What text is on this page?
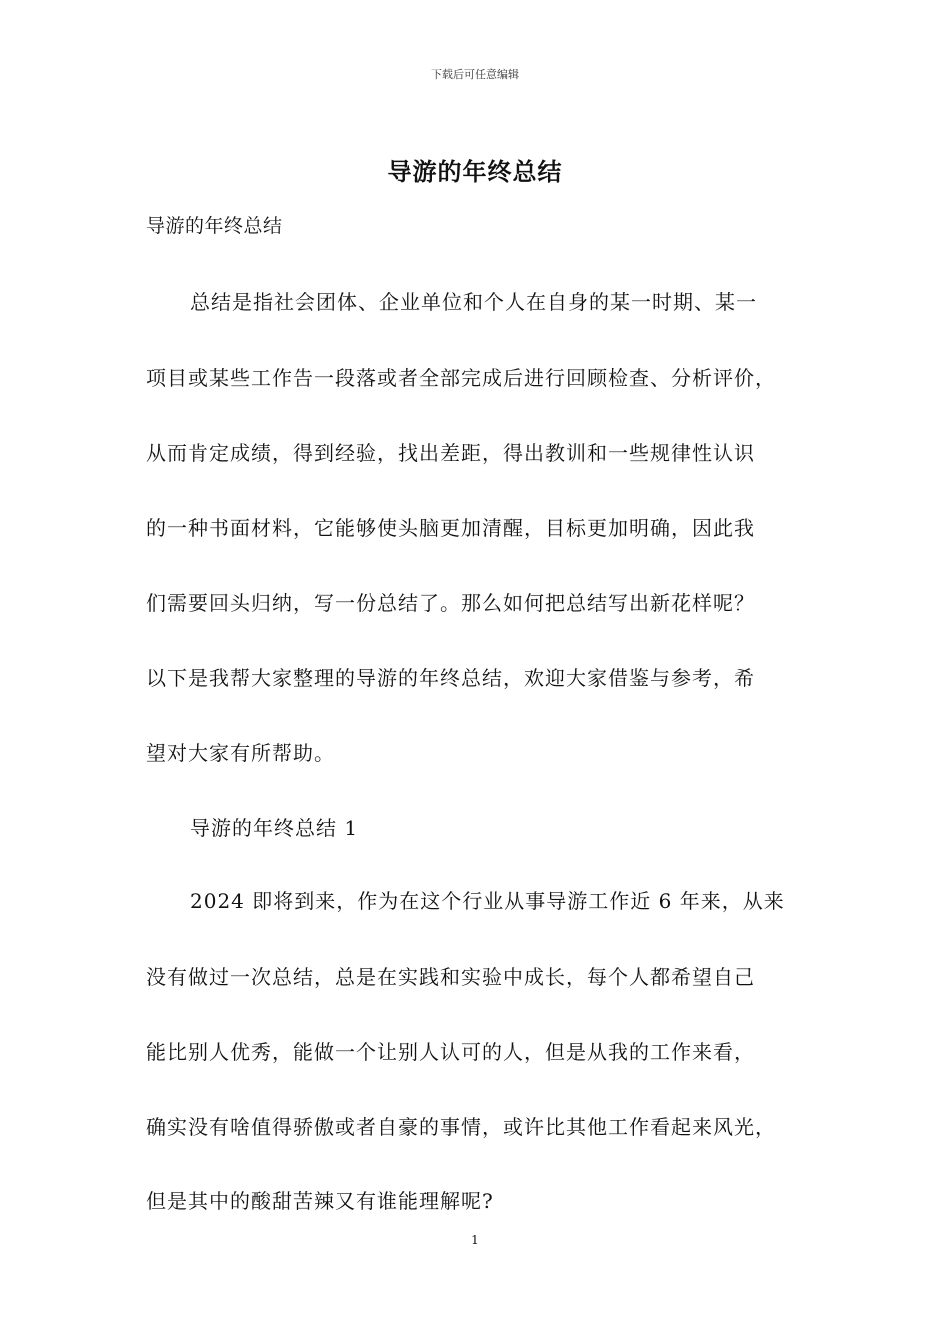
下载后可任意编辑
导游的年终总结
导游的年终总结
总结是指社会团体、企业单位和个人在自身的某一时期、某一
项目或某些工作告一段落或者全部完成后进行回顾检查、分析评价，
从而肯定成绩，得到经验，找出差距，得出教训和一些规律性认识
的一种书面材料，它能够使头脑更加清醒，目标更加明确，因此我
们需要回头归纳，写一份总结了。那么如何把总结写出新花样呢？
以下是我帮大家整理的导游的年终总结，欢迎大家借鉴与参考，希
望对大家有所帮助。
导游的年终总结 1
2024 即将到来，作为在这个行业从事导游工作近 6 年来，从来
没有做过一次总结，总是在实践和实验中成长，每个人都希望自己
能比别人优秀，能做一个让别人认可的人，但是从我的工作来看，
确实没有啥值得骄傲或者自豪的事情，或许比其他工作看起来风光，
但是其中的酸甜苦辣又有谁能理解呢?
1
